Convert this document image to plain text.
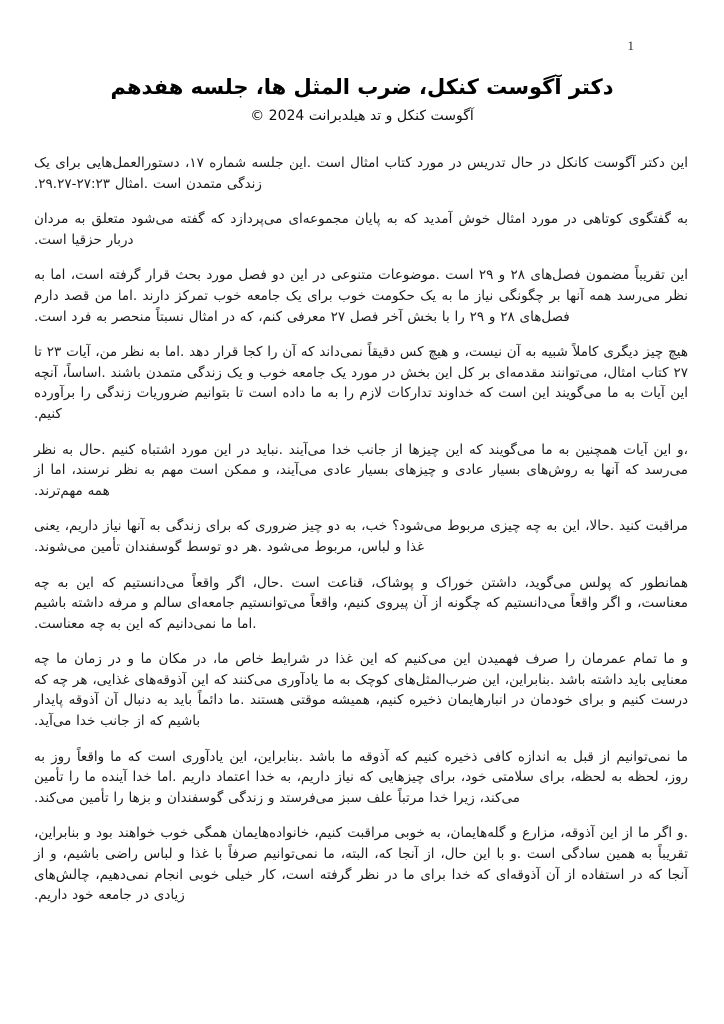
1
دکتر آگوست کنکل، ضرب المثل ها، جلسه هفدهم
آگوست کنکل و تد هیلدبرانت 2024 ©

این دکتر آگوست کانکل در حال تدریس در مورد کتاب امثال است .این جلسه شماره ۱۷، دستورالعمل‌هایی برای یک زندگی متمدن است .امثال ۲۷:۲۳-۲۹.۲۷.

به گفتگوی کوتاهی در مورد امثال خوش آمدید که به پایان مجموعه‌ای می‌پردازد که گفته می‌شود متعلق به مردان دربار حزقیا است.

این تقریباً مضمون فصل‌های ۲۸ و ۲۹ است .موضوعات متنوعی در این دو فصل مورد بحث قرار گرفته است، اما به نظر می‌رسد همه آنها بر چگونگی نیاز ما به یک حکومت خوب برای یک جامعه خوب تمرکز دارند .اما من قصد دارم فصل‌های ۲۸ و ۲۹ را با بخش آخر فصل ۲۷ معرفی کنم، که در امثال نسبتاً منحصر به فرد است.

هیچ چیز دیگری کاملاً شبیه به آن نیست، و هیچ کس دقیقاً نمی‌داند که آن را کجا قرار دهد .اما به نظر من، آیات ۲۳ تا ۲۷ کتاب امثال، می‌توانند مقدمه‌ای بر کل این بخش در مورد یک جامعه خوب و یک زندگی متمدن باشند .اساساً، آنچه این آیات به ما می‌گویند این است که خداوند تدارکات لازم را به ما داده است تا بتوانیم ضروریات زندگی را برآورده کنیم.

،و این آیات همچنین به ما می‌گویند که این چیزها از جانب خدا می‌آیند .نباید در این مورد اشتباه کنیم .حال به نظر می‌رسد که آنها به روش‌های بسیار عادی و چیزهای بسیار عادی می‌آیند، و ممکن است مهم به نظر نرسند، اما از همه مهم‌ترند.

مراقبت کنید .حالا، این به چه چیزی مربوط می‌شود؟ خب، به دو چیز ضروری که برای زندگی به آنها نیاز داریم، یعنی غذا و لباس، مربوط می‌شود .هر دو توسط گوسفندان تأمین می‌شوند.

همانطور که پولس می‌گوید، داشتن خوراک و پوشاک، قناعت است .حال، اگر واقعاً می‌دانستیم که این به چه معناست، و اگر واقعاً می‌دانستیم که چگونه از آن پیروی کنیم، واقعاً می‌توانستیم جامعه‌ای سالم و مرفه داشته باشیم .اما ما نمی‌دانیم که این به چه معناست.

و ما تمام عمرمان را صرف فهمیدن این می‌کنیم که این غذا در شرایط خاص ما، در مکان ما و در زمان ما چه معنایی باید داشته باشد .بنابراین، این ضرب‌المثل‌های کوچک به ما یادآوری می‌کنند که این آذوقه‌های غذایی، هر چه که درست کنیم و برای خودمان در انبارهایمان ذخیره کنیم، همیشه موقتی هستند .ما دائماً باید به دنبال آن آذوقه پایدار باشیم که از جانب خدا می‌آید.

ما نمی‌توانیم از قبل به اندازه کافی ذخیره کنیم که آذوقه ما باشد .بنابراین، این یادآوری است که ما واقعاً روز به روز، لحظه به لحظه، برای سلامتی خود، برای چیزهایی که نیاز داریم، به خدا اعتماد داریم .اما خدا آینده ما را تأمین می‌کند، زیرا خدا مرتباً علف سبز می‌فرستد و زندگی گوسفندان و بزها را تأمین می‌کند.

.و اگر ما از این آذوقه، مزارع و گله‌هایمان، به خوبی مراقبت کنیم، خانواده‌هایمان همگی خوب خواهند بود و بنابراین، تقریباً به همین سادگی است .و با این حال، از آنجا که، البته، ما نمی‌توانیم صرفاً با غذا و لباس راضی باشیم، و از آنجا که در استفاده از آن آذوقه‌ای که خدا برای ما در نظر گرفته است، کار خیلی خوبی انجام نمی‌دهیم، چالش‌های زیادی در جامعه خود داریم.
